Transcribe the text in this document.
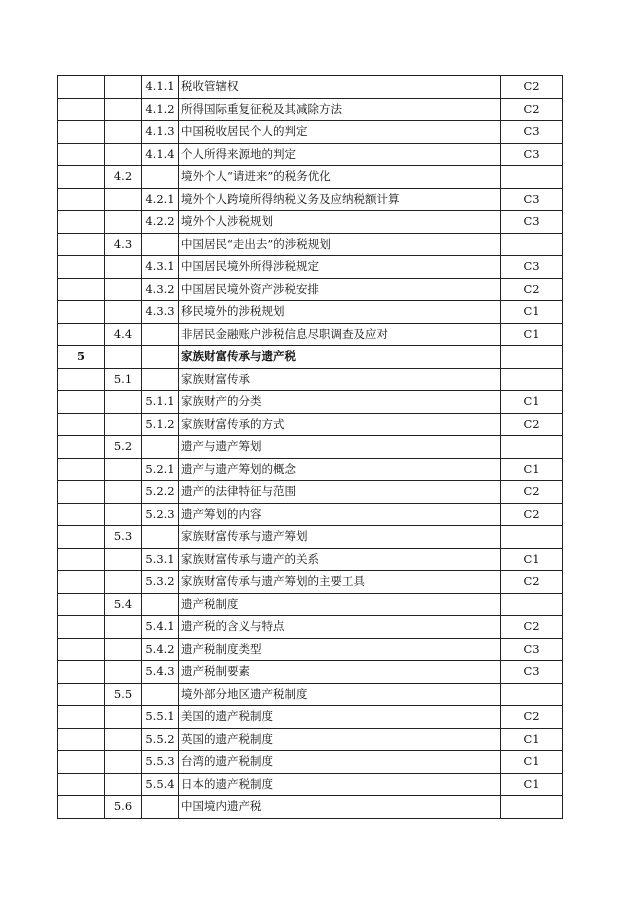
		4.1.1	税收管辖权	C2
		4.1.2	所得国际重复征税及其减除方法	C2
		4.1.3	中国税收居民个人的判定	C3
		4.1.4	个人所得来源地的判定	C3
	4.2		境外个人“请进来”的税务优化	
		4.2.1	境外个人跨境所得纳税义务及应纳税额计算	C3
		4.2.2	境外个人涉税规划	C3
	4.3		中国居民“走出去”的涉税规划	
		4.3.1	中国居民境外所得涉税规定	C3
		4.3.2	中国居民境外资产涉税安排	C2
		4.3.3	移民境外的涉税规划	C1
	4.4		非居民金融账户涉税信息尽职调查及应对	C1
5			家族财富传承与遗产税	
	5.1		家族财富传承	
		5.1.1	家族财产的分类	C1
		5.1.2	家族财富传承的方式	C2
	5.2		遗产与遗产筹划	
		5.2.1	遗产与遗产筹划的概念	C1
		5.2.2	遗产的法律特征与范围	C2
		5.2.3	遗产筹划的内容	C2
	5.3		家族财富传承与遗产筹划	
		5.3.1	家族财富传承与遗产的关系	C1
		5.3.2	家族财富传承与遗产筹划的主要工具	C2
	5.4		遗产税制度	
		5.4.1	遗产税的含义与特点	C2
		5.4.2	遗产税制度类型	C3
		5.4.3	遗产税制要素	C3
	5.5		境外部分地区遗产税制度	
		5.5.1	美国的遗产税制度	C2
		5.5.2	英国的遗产税制度	C1
		5.5.3	台湾的遗产税制度	C1
		5.5.4	日本的遗产税制度	C1
	5.6		中国境内遗产税	
